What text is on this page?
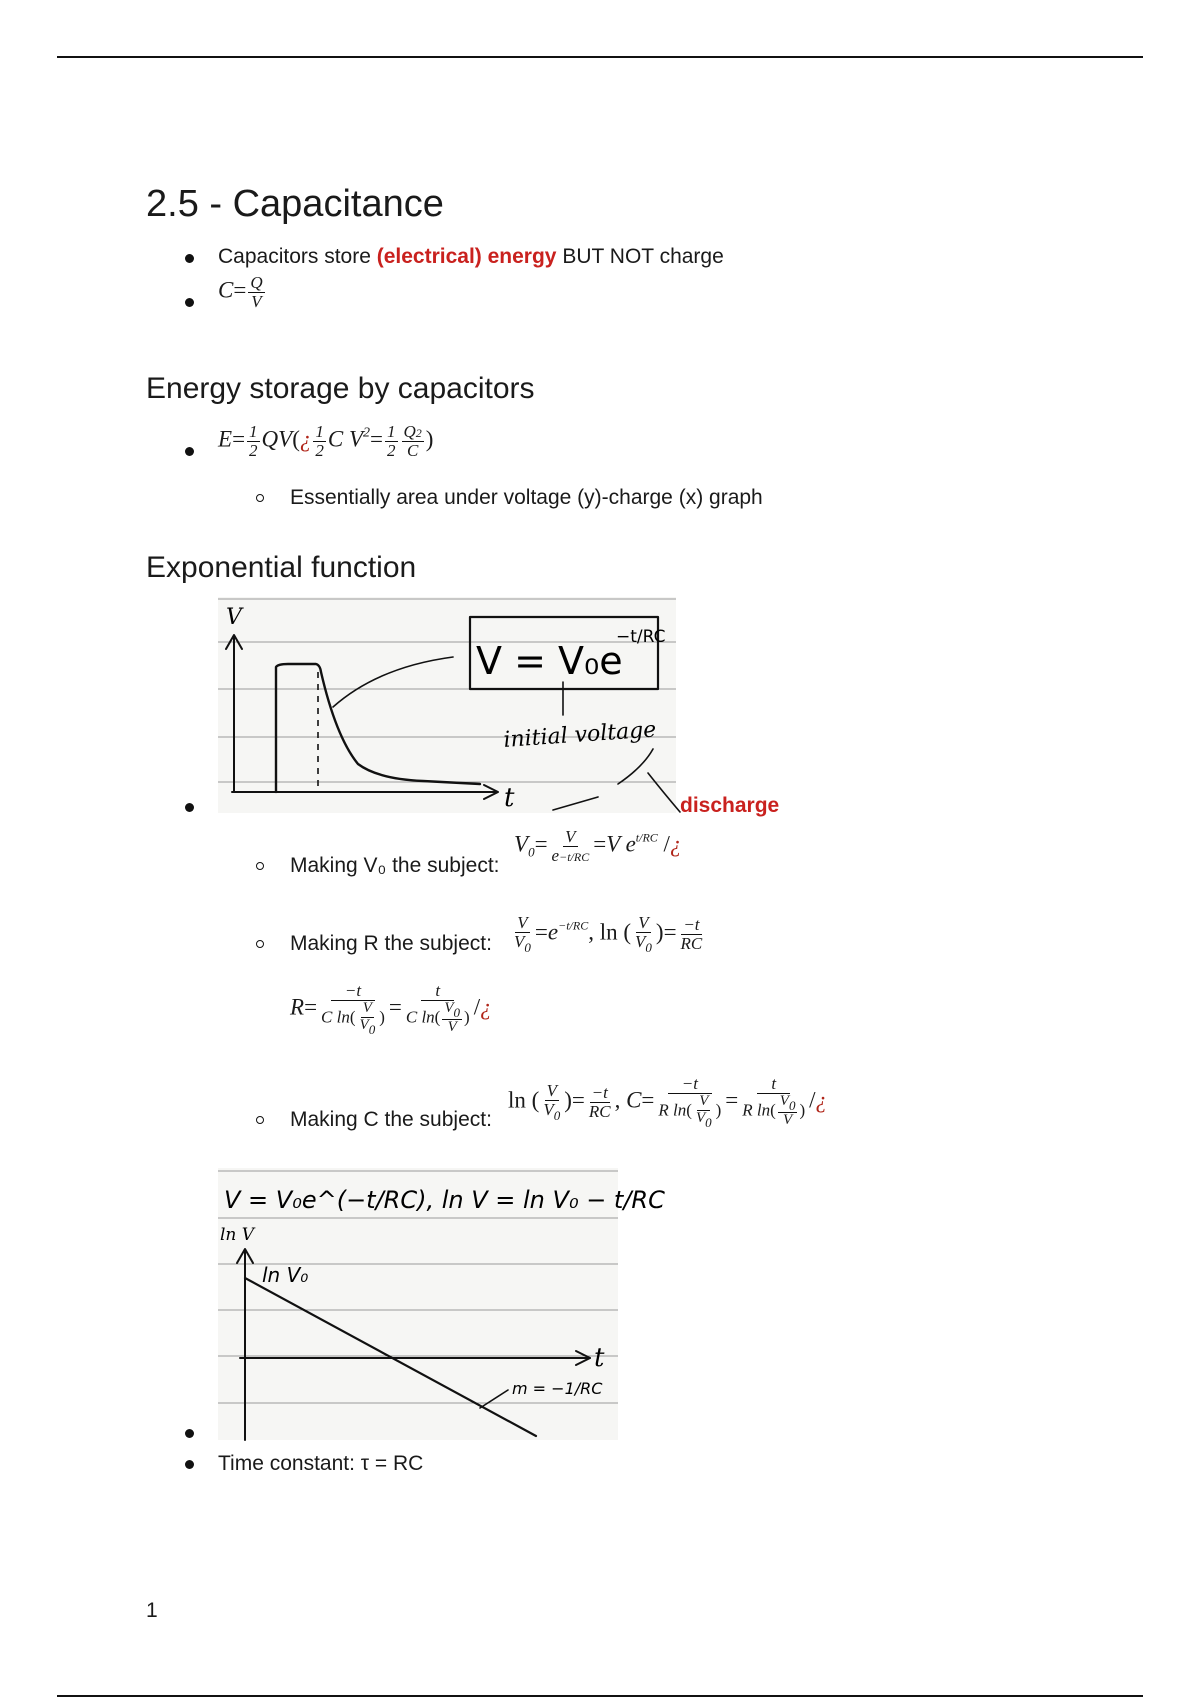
2.5 - Capacitance
Capacitors store (electrical) energy BUT NOT charge
$C= \frac{Q}{V}$
Energy storage by capacitors
$E= \frac{1}{2}$ QV(¿ $\frac{1}{2}$ C $V^2= \frac{1}{2} \frac{Q2}{C}$ )
Essentially area under voltage (y)-charge (x) graph
Exponential function
V
t
V = V₀e
−t/RC
initial voltage
discharge
Making V₀ the subject:
$V_0= \frac{V}{e-t/RC} =V$ $e^{t/RC}$ /¿
Making R the subject: $\frac{V}{V_0} =e^{-t/RC}$, ln ( $\frac{V}{V_0}$ )= $\frac{-t}{RC}$
$R= \frac{-t}{C \ln( \frac{V}{V0} )} = \frac{t}{C \ln( \frac{V0}{V} )}$ /¿
Making C the subject:
ln ( $\frac{V}{V_0}$ )= $\frac{-t}{RC}$ , $C= \frac{-t}{R \ln( \frac{V}{V0} )} = \frac{t}{R \ln( \frac{V0}{V} )}$ /¿
V = V₀e^(−t/RC), ln V = ln V₀ − t/RC
ln V
ln V₀
t
m = −1/RC
Time constant: τ = RC
1
